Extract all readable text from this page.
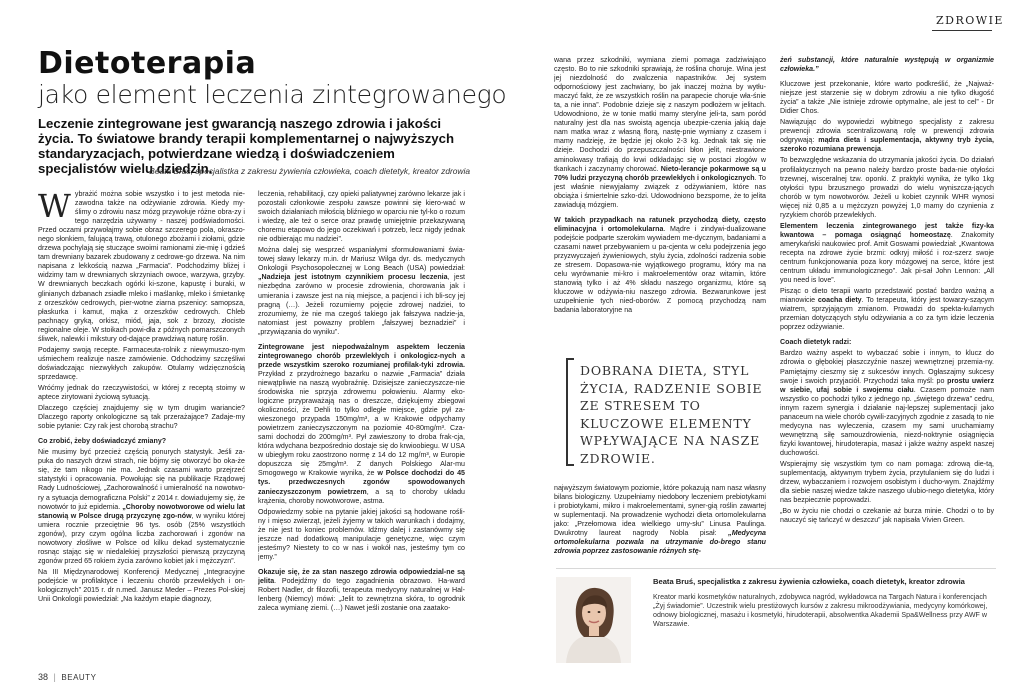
ZDROWIE
Dietoterapia
jako element leczenia zintegrowanego
Leczenie zintegrowane jest gwarancją naszego zdrowia i jakości życia. To światowe brandy terapii komplementarnej o najwyższych standaryzacjach, potwierdzane wiedzą i doświadczeniem specjalistów wielu dziedzin.
Beata Bruś, specjalistka z zakresu żywienia człowieka, coach dietetyk, kreator zdrowia

Wybrażić można sobie wszystko i to jest metoda nie-zawodna także na odżywianie zdrowia. Kiedy my-ślimy o zdrowiu nasz mózg przywołuje różne obra-zy i tego narzędzia używamy - naszej podświadomości. Przed oczami przywołajmy sobie obraz szczerego pola, okraszo-nego słonkiem, falującą trawą, otulonego zbożami i ziołami, gdzie drzewa pochylają się stuczące swoimi ramionami zie-mię i gdzieś tam drewniany bazarek zbudowany z cedrowe-go drzewa. Na nim napisana z lekkością nazwa „Farmacia”. Podchodzimy bliżej i widzimy tam w drewnianych skrzyniach owoce, warzywa, grzyby. W drewnianych beczkach ogórki ki-szone, kapustę i buraki, w glinianych dzbanach zsiadłe mleko i maślankę, mleko i śmietankę z orzeszków cedrowych, pier-wotne ziarna pszenicy: samopsza, płaskurka i kamut, mąka z orzeszków cedrowych. Chleb pachnący gryką, orkisz, miód, jaja, sok z brzozy, złociste regionalne oleje. W stoikach powi-dła z późnych pomarszczonych śliwek, nalewki i mikstury od-dające prawdziwą naturę roślin.

Podajemy swoją recepte. Farmaceuta-rolnik z niewymuszo-nym uśmiechem realizuje nasze zamówienie. Odchodzimy szczęśliwi doświadczając niezwykłych zakupów. Otulamy wdzięcznością sprzedawcę.

Wróćmy jednak do rzeczywistości, w której z receptą stoimy w aptece zirytowani życiową sytuacją.

Dlaczego częściej znajdujemy się w tym drugim wariancie? Dlaczego raporty onkologiczne są tak przerażające? Zadaje-my sobie pytanie: Czy rak jest chorobą strachu?

Co zrobić, żeby doświadczyć zmiany?

Nie musimy być przecież częścią ponurych statystyk. Jeśli za-puka do naszych drzwi strach, nie bójmy się otworzyć bo oka-że się, że tam nikogo nie ma. Jednak czasami warto przejrzeć statystyki i opracowania. Powołując się na publikacje Rządowej Rady Ludnościowej, „Zachorowalność i umieralność na nowotwo-ry a sytuacja demograficzna Polski” z 2014 r. dowiadujemy się, że nowotwór to już epidemia. „Choroby nowotworowe od wielu lat stanowią w Polsce drugą przyczynę zgo-nów, w wyniku której umiera rocznie przeciętnie 96 tys. osób (25% wszystkich zgonów), przy czym ogólna liczba zachorowań i zgonów na nowotwory złośliwe w Polsce od kilku dekad systematycznie rosnąc stając się w niedalekiej przyszłości pierwszą przyczyną zgonów przed 65 rokiem życia zarówno kobiet jak i mężczyzn”.

Na III Międzynarodowej Konferencji Medycznej „Integracyjne podejście w profilaktyce i leczeniu chorób przewlekłych i on-kologicznych” 2015 r. dr n.med. Janusz Meder – Prezes Pol-skiej Unii Onkologii powiedział: „Na każdym etapie diagnozy,

leczenia, rehabilitacji, czy opieki paliatywnej zarówno lekarze jak i pozostali członkowie zespołu zawsze powinni się kiero-wać w swoich działaniach miłością bliźniego w oparciu nie tyl-ko o rozum i wiedzę, ale też o serce oraz prawdę umiejętnie przekazywaną choremu etapowo do jego oczekiwań i potrzeb, lecz nigdy jednak nie odbierając mu nadziei”.

Można dalej się wesprzeć wspaniałymi sformułowaniami świa-towej sławy lekarzy m.in. dr Mariusz Wilga dyr. ds. medycznych Onkologii Psychosopolecznej w Long Beach (USA) powiedział: „Nadzieja jest istotnym czynnikiem procesu leczenia, jest niezbędna zarówno w procesie zdrowienia, chorowania jak i umierania i zawsze jest na nią miejsce, a pacjenci i ich bli-scy jej pragną (…). Jeżeli rozumiemy pojęcie zdrowej nadziei, to zrozumiemy, że nie ma czegoś takiego jak fałszywa nadzie-ja, natomiast jest powazny problem „fałszywej beznadziei” i „przywiązania do wyniku”.

Zintegrowane jest niepodważalnym aspektem leczenia zintegrowanego chorób przewlekłych i onkologicz-nych a przede wszystkim szeroko rozumianej profilak-tyki zdrowia. Przykład z przydrożnego bazarku o nazwie „Farmacia” działa niewątpliwie na naszą wyobraźnię. Dzisiejsze zanieczyszcze-nie środowiska nie sprzyja zdrowemu połowieniu. Alarmy eko-logiczne przypraważają nas o dreszcze, dziękujemy zbiegowi okoliczności, że Dehli to tylko odległe miejsce, gdzie pył za-wieszonego przypada 150mg/m³, a w Krakowie odpychamy powietrzem zanieczyszczonym na poziomie 40-80mg/m³. Cza-sami dochodzi do 200mg/m³. Pył zawieszony to droba frak-cja, która wdychana bezpośrednio dostaje się do krwioobiegu. W USA w ubiegłym roku zaostrzono normę z 14 do 12 mg/m³, w Europie dopuszcza się 25mg/m³. Z danych Polskiego Alar-mu Smogowego w Krakowie wynika, że w Polsce dochodzi do 45 tys. przedwczesnych zgonów spowodowanych zanieczyszczonym powietrzem, a są to choroby układu krążenia, choroby nowotworowe, astma.

Odpowiedzmy sobie na pytanie jakiej jakości są hodowane rośli-ny i mięso zwierząt, jeżeli żyjemy w takich warunkach i dodajmy, że nie jest to koniec problemów. Idźmy dalej i zastanówmy się jeszcze nad dodatkową manipulacje genetyczne, więc czym jesteśmy? Niestety to co w nas i wokół nas, jesteśmy tym co jemy.”

Okazuje się, że za stan naszego zdrowia odpowiedzial-ne są jelita. Podejdźmy do tego zagadnienia obrazowo. Ha-ward Robert Nadler, dr filozofii, terapeuta medycyny naturalnej w Hal-lenberg (Niemcy) mówi: „Jelit to zewnętrzna skóra, to ogrodnik zaleca wymianę ziemi. (…) Nawet jeśli zostanie ona zaatako-

wana przez szkodniki, wymiana ziemi pomaga zadziwiająco często. Bo to nie szkodniki sprawiają, że roślina choruje. Wina jest jej niezdolność do zwalczenia napastników. Jej system odpornościowy jest zachwiany, bo jak inaczej można by wytłu-maczyć fakt, że ze wszystkich roślin na parapecie choruje wła-śnie ta, a nie inna”. Podobnie dzieje się z naszym podłożem w jelitach. Udowodniono, że w tonie matki mamy sterylne jeli-ta, sam poród naturalny jest dla nas swoistą agencja ubezpie-czenia jakią daje nam matka wraz z własną florą, nastę-pnie wymiany z czasem i mamy nadzieję, że będzie jej około 2-3 kg. Jednak tak się nie dzieje. Dochodzi do przepuszczalności błon jelit, niestrawione aminokwasy trafiają do krwi odkładając się w postaci złogów w tkankach i zaczynamy chorować. Nieto-lerancje pokarmowe są u 70% ludzi przyczyną chorób przewlekłych i onkologicznych. To jest właśnie niewyjałamy związek z odżywianiem, które nas obciąża i śmiertelnie szko-dzi. Udowodniono bezsporne, że to jelita zawiadują mózgiem.

W takich przypadkach na ratunek przychodzą diety, często eliminacyjna i ortomolekularna. Mądre i zindywi-dualizowane podejście podparte szerokim wywiadem me-dycznym, badaniami a czasami nawet przebywaniem u pa-cjenta w celu podejrzenia jego przyzwyczajeń żywieniowych, stylu życia, zdolności radzenia sobie ze stresem. Dopasowa-nie wyjątkowego programu, który ma na celu wyrównanie mi-kro i makroelementów oraz witamin, które stanowią tylko i aż 4% składu naszego organizmu, które są kluczowe w odżywia-niu naszego zdrowia. Bezwarunkowe jest uzupełnienie tych nied-oborów. Z pomocą przychodzą nam badania laboratoryjne na

DOBRANA DIETA, STYL ŻYCIA, RADZENIE SOBIE ZE STRESEM TO KLUCZOWE ELEMENTY WPŁYWAJĄCE NA NASZE ZDROWIE.

najwyższym światowym poziomie, które pokazują nam nasz własny bilans biologiczny. Uzupełniamy niedobory leczeniem prebiotykami i probiotykami, mikro i makroelementami, syner-gią roślin zawartej w suplementacji. Na prowadzenie wychodzi dieta ortomolekularna jako: „Przełomowa idea wielkiego umy-słu” Linusa Paulinga. Dwukrotny laureat nagrody Nobla pisał: „Medycyna ortomolekularna pozwala na utrzymanie do-brego stanu zdrowia poprzez zastosowanie różnych stę-

żeń substancji, które naturalnie występują w organizmie człowieka.”

Kluczowe jest przekonanie, które warto podkreślić, że „Najważ-niejsze jest starzenie się w dobrym zdrowiu a nie tylko długość życia” a także „Nie istnieje zdrowie optymalne, ale jest to cel” - Dr Didier Chos.

Nawiązując do wypowiedzi wybitnego specjalisty z zakresu prewencji zdrowia scentralizowaną rolę w prewencji zdrowia odgrywają: mądra dieta i suplementacja, aktywny tryb życia, szeroko rozumiana prewencja.

To bezwzględne wskazania do utrzymania jakości życia. Do działań profilaktycznych na pewno należy bardzo proste bada-nie otyłości trzewnej, wisceralnej tzw. oponki. Z praktyki wynika, że tylko 1kg otyłości typu brzusznego prowadzi do wielu wyniszcza-jących chorób w tym nowotworów. Jeżeli u kobiet czynnik WHR wynosi więcej niż 0,85 a u mężczyzn powyżej 1,0 mamy do czynienia z ryzykiem chorób przewlekłych.

Elementem leczenia zintegrowanego jest także fizy-ka kwantowa – pomaga osiągnąć homeostazę. Znakomity amerykański naukowiec prof. Amit Goswami powiedział: „Kwantowa recepta na zdrowe życie brzmi: odkryj miłość i roz-szerz swoje centrum funkcjonowania poza kory mózgowej na serce, które jest centrum układu immunologicznego”. Jak pi-sał John Lennon: „All you need is love”.

Pisząc o dieto terapii warto przedstawić postać bardzo ważną a mianowicie coacha diety. To terapeuta, który jest towarzy-szącym wiatrem, sprzyjającym zmianom. Prowadzi do spekta-kularnych przemian dotyczących stylu odżywiania a co za tym idzie leczenia poprzez odżywianie.

Coach dietetyk radzi:

Bardzo ważny aspekt to wybaczać sobie i innym, to klucz do zdrowia o głębokiej płaszczyźnie naszej wewnętrznej przemia-ny. Pamiętajmy cieszmy się z sukcesów innych. Ogłaszajmy sukcesy swoje i swoich przyjaciół. Przychodzi taka myśl: po prostu uwierz w siebie, ufaj sobie i swojemu ciału. Czasem pomoże nam wszystko co pochodzi tylko z jednego np. „świętego drzewa” cedru, innym razem synergia i działanie naj-lepszej suplementacji jako panaceum na wiele chorób cywili-zacyjnych zgodnie z zasadą to nie medycyna nas wyleczenia, czasem my sami uruchamiamy wewnętrzną siłę samouzdrowienia, niezd-noktrynie osiągnięcia fizyki kwantowej, hirudoterapia, masaż i jakże ważny aspekt naszej duchowości.

Wspierajmy się wszystkim tym co nam pomaga: zdrową die-tą, suplementacją, aktywnym trybem życia, przytulaniem się do ludzi i drzew, wybaczaniem i rozwojem osobistym i ducho-wym. Znajdźmy dla siebie naszej wiedze także naszego ulubio-nego dietetyka, który nas bezpiecznie poprowadzi.

„Bo w życiu nie chodzi o czekanie aż burza minie. Chodzi o to by nauczyć się tańczyć w deszczu” jak napisała Vivien Green.

Beata Bruś, specjalistka z zakresu żywienia człowieka, coach dietetyk, kreator zdrowia
Kreator marki kosmetyków naturalnych, zdobywca nagród, wykładowca na Targach Natura i konferencjach „Żyj świadomie”. Uczestnik wielu prestiżowych kursów z zakresu mikroodżywiania, medycyny komórkowej, odnowy biologicznej, masażu i kosmetyki, hirudoterapii, absolwentka Akademii Spa&Wellness przy AWF w Warszawie.
38 | BEAUTY
